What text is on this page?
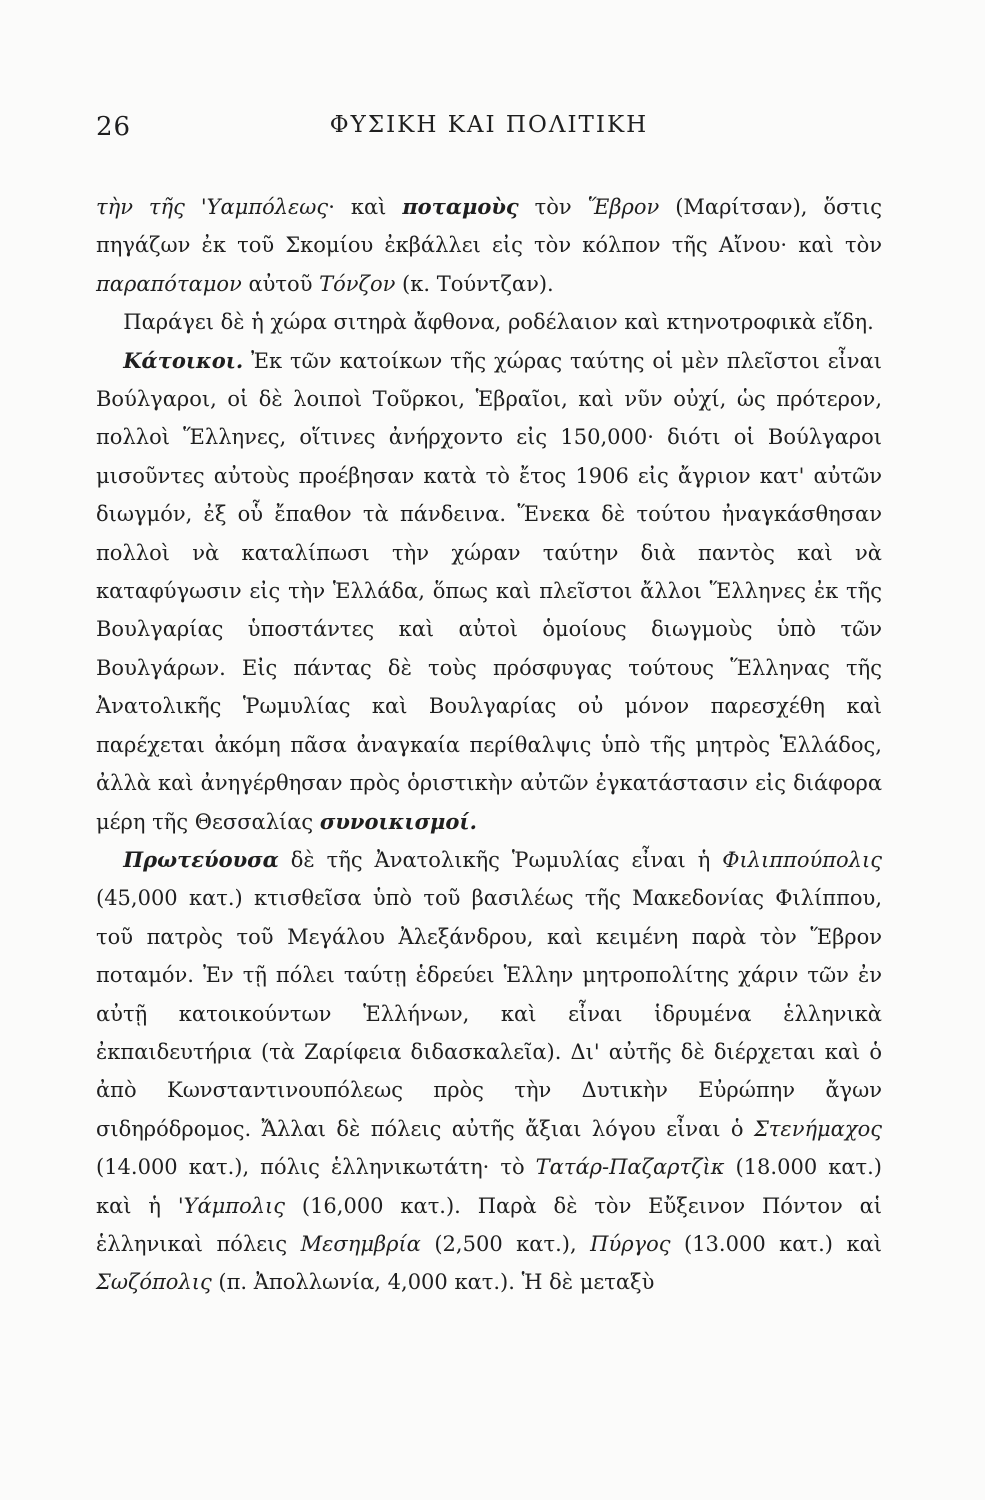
26	ΦΥΣΙΚΗ ΚΑΙ ΠΟΛΙΤΙΚΗ

τὴν τῆς 'Υαμπόλεως· καὶ ποταμοὺς τὸν Ἕβρον (Μαρίτσαν), ὅστις πηγάζων ἐκ τοῦ Σκομίου ἐκβάλλει εἰς τὸν κόλπον τῆς Αἴνου· καὶ τὸν παραπόταμον αὐτοῦ Τόνζον (κ. Τούντζαν).

Παράγει δὲ ἡ χώρα σιτηρὰ ἄφθονα, ροδέλαιον καὶ κτηνοτροφικὰ εἴδη.

Κάτοικοι. Ἐκ τῶν κατοίκων τῆς χώρας ταύτης οἱ μὲν πλεῖστοι εἶναι Βούλγαροι, οἱ δὲ λοιποὶ Τοῦρκοι, Ἑβραῖοι, καὶ νῦν οὐχί, ὡς πρότερον, πολλοὶ Ἕλληνες, οἵτινες ἀνήρχοντο εἰς 150,000· διότι οἱ Βούλγαροι μισοῦντες αὐτοὺς προέβησαν κατὰ τὸ ἔτος 1906 εἰς ἄγριον κατ' αὐτῶν διωγμόν, ἐξ οὗ ἔπαθον τὰ πάνδεινα. Ἕνεκα δὲ τούτου ἠναγκάσθησαν πολλοὶ νὰ καταλίπωσι τὴν χώραν ταύτην διὰ παντὸς καὶ νὰ καταφύγωσιν εἰς τὴν Ἑλλάδα, ὅπως καὶ πλεῖστοι ἄλλοι Ἕλληνες ἐκ τῆς Βουλγαρίας ὑποστάντες καὶ αὐτοὶ ὁμοίους διωγμοὺς ὑπὸ τῶν Βουλγάρων. Εἰς πάντας δὲ τοὺς πρόσφυγας τούτους Ἕλληνας τῆς Ἀνατολικῆς Ῥωμυλίας καὶ Βουλγαρίας οὐ μόνον παρεσχέθη καὶ παρέχεται ἀκόμη πᾶσα ἀναγκαία περίθαλψις ὑπὸ τῆς μητρὸς Ἑλλάδος, ἀλλὰ καὶ ἀνηγέρθησαν πρὸς ὁριστικὴν αὐτῶν ἐγκατάστασιν εἰς διάφορα μέρη τῆς Θεσσαλίας συνοικισμοί.

Πρωτεύουσα δὲ τῆς Ἀνατολικῆς Ῥωμυλίας εἶναι ἡ Φιλιππούπολις (45,000 κατ.) κτισθεῖσα ὑπὸ τοῦ βασιλέως τῆς Μακεδονίας Φιλίππου, τοῦ πατρὸς τοῦ Μεγάλου Ἀλεξάνδρου, καὶ κειμένη παρὰ τὸν Ἕβρον ποταμόν. Ἐν τῇ πόλει ταύτῃ ἑδρεύει Ἑλλην μητροπολίτης χάριν τῶν ἐν αὐτῇ κατοικούντων Ἑλλήνων, καὶ εἶναι ἱδρυμένα ἑλληνικὰ ἐκπαιδευτήρια (τὰ Ζαρίφεια διδασκαλεῖα). Δι' αὐτῆς δὲ διέρχεται καὶ ὁ ἀπὸ Κωνσταντινουπόλεως πρὸς τὴν Δυτικὴν Εὐρώπην ἄγων σιδηρόδρομος. Ἄλλαι δὲ πόλεις αὐτῆς ἄξιαι λόγου εἶναι ὁ Στενήμαχος (14.000 κατ.), πόλις ἑλληνικωτάτη· τὸ Τατάρ-Παζαρτζὶκ (18.000 κατ.) καὶ ἡ 'Υάμπολις (16,000 κατ.). Παρὰ δὲ τὸν Εὔξεινον Πόντον αἱ ἑλληνικαὶ πόλεις Μεσημβρία (2,500 κατ.), Πύργος (13.000 κατ.) καὶ Σωζόπολις (π. Ἀπολλωνία, 4,000 κατ.). Ἡ δὲ μεταξὺ
